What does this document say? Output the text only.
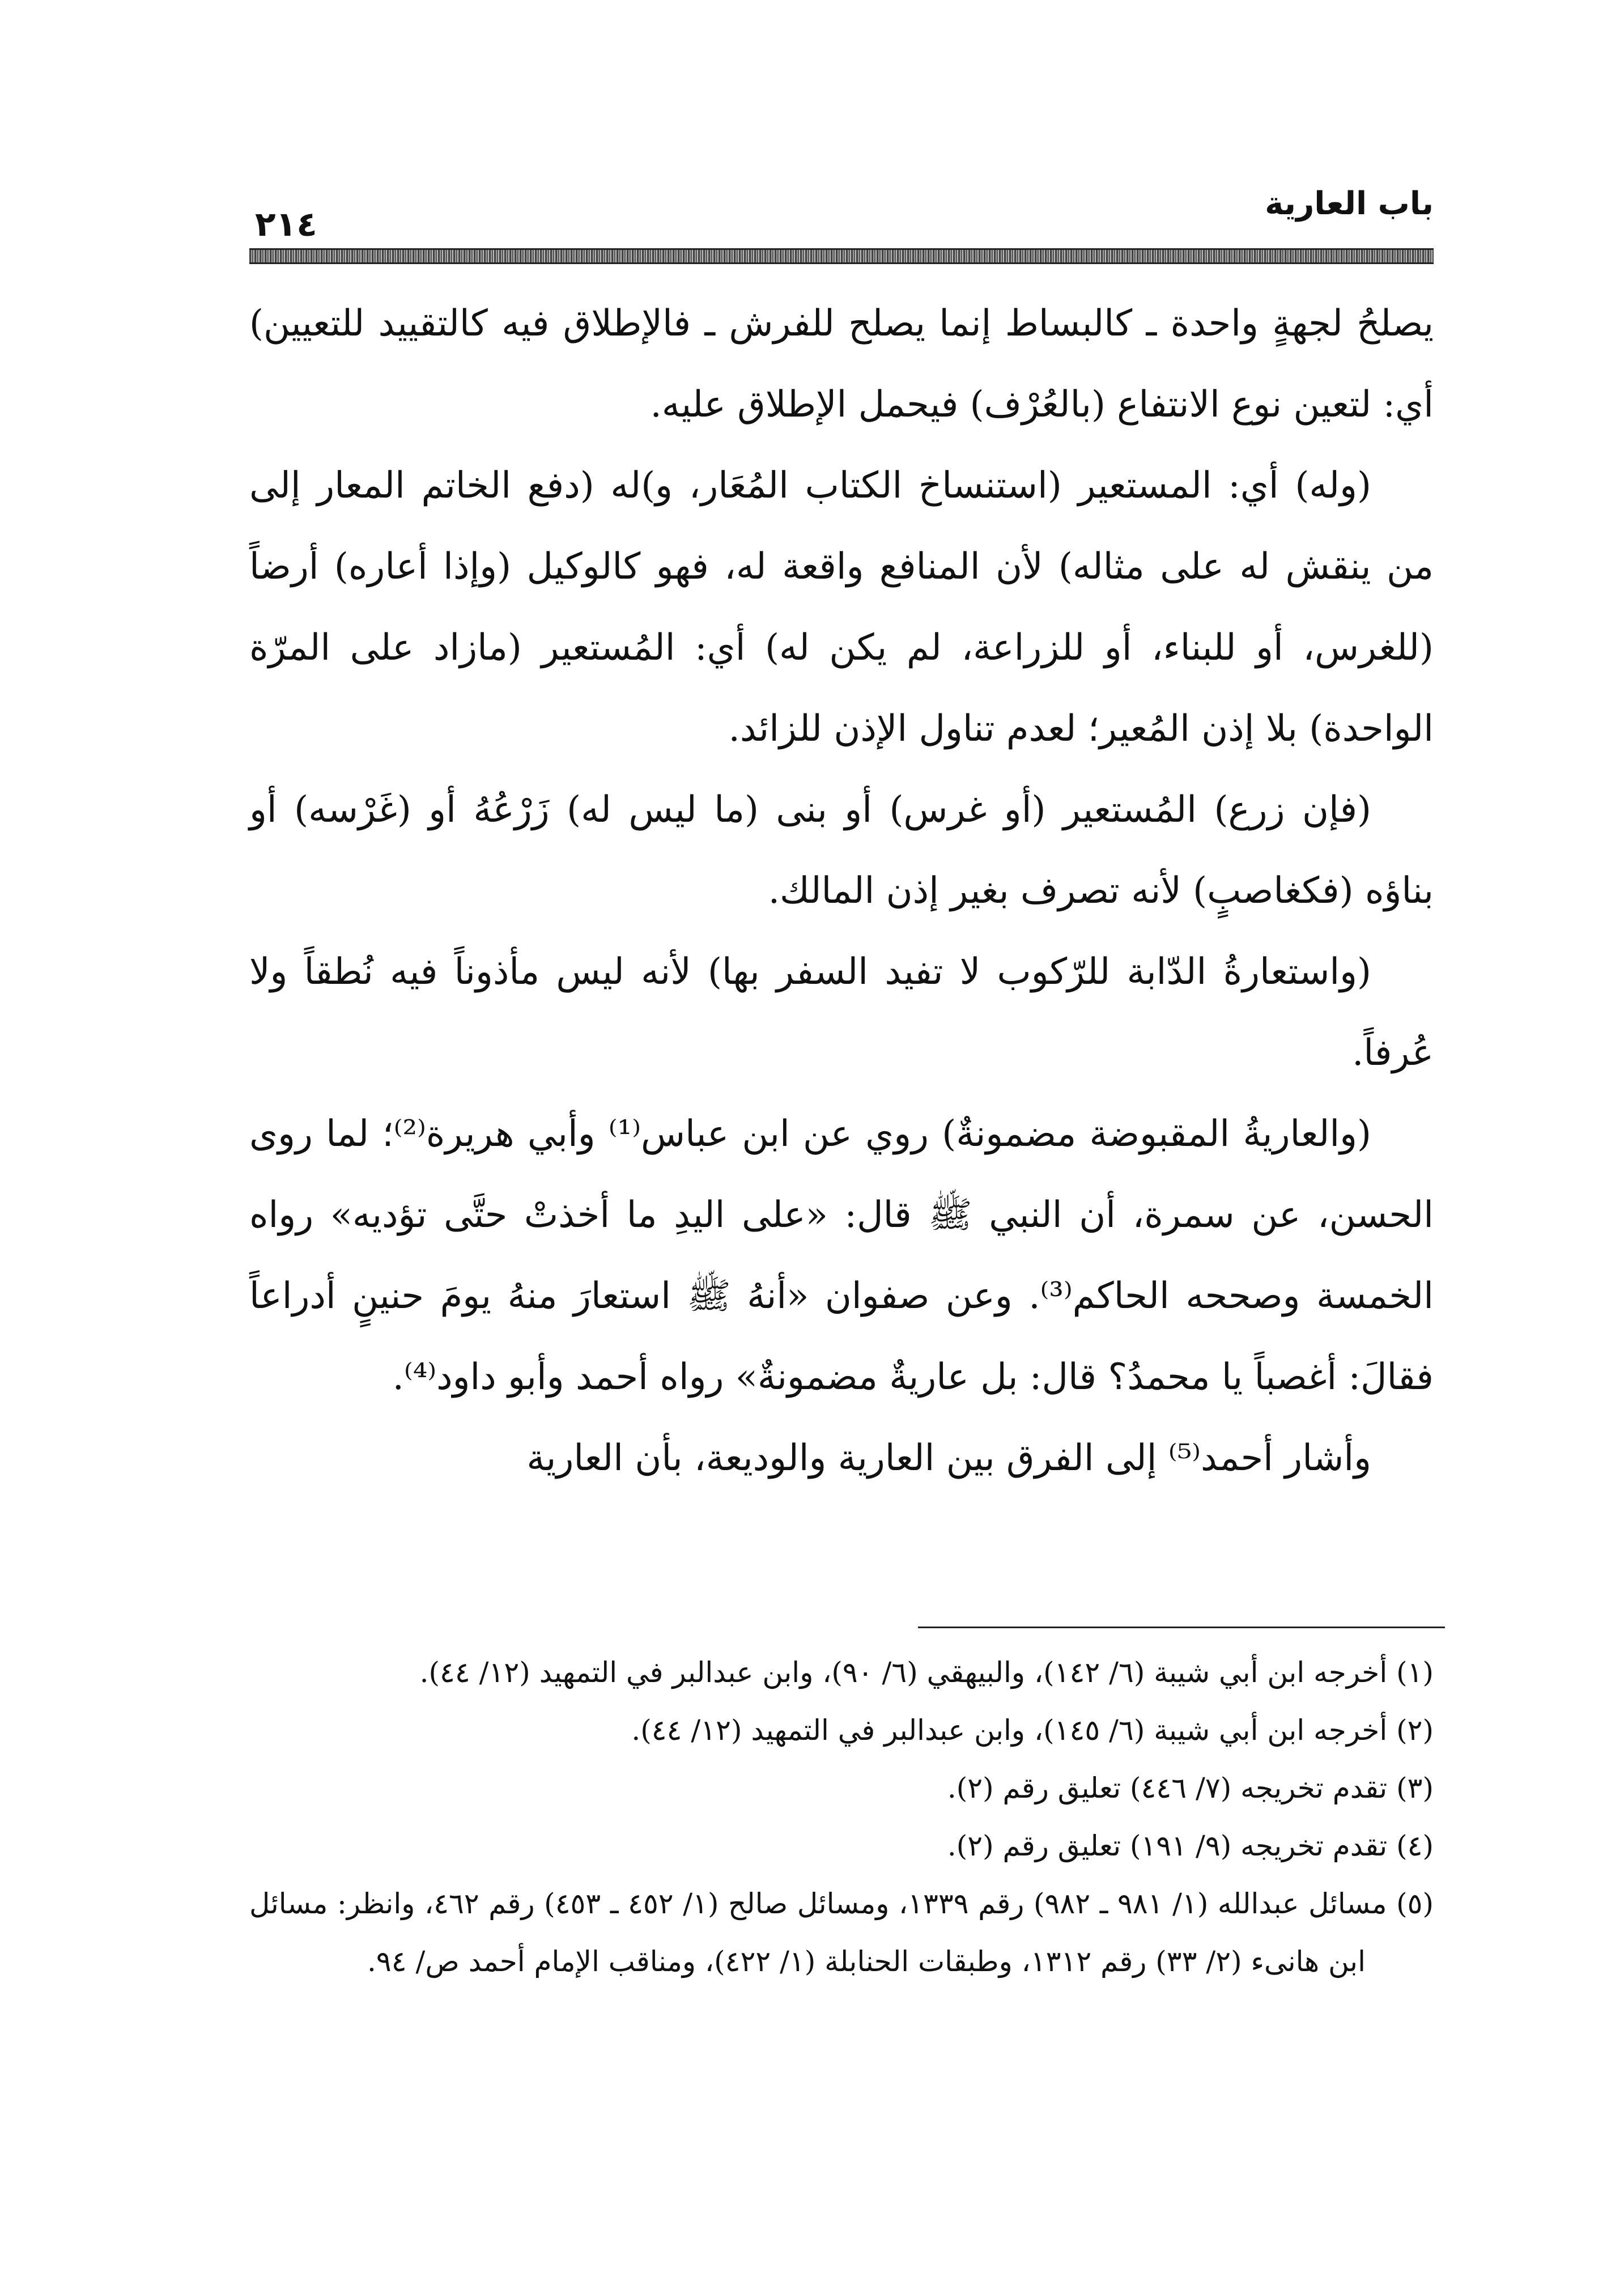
باب العارية
٢١٤

يصلحُ لجهةٍ واحدة ـ كالبساط إنما يصلح للفرش ـ فالإطلاق فيه كالتقييد للتعيين) أي: لتعين نوع الانتفاع (بالعُرْف) فيحمل الإطلاق عليه.

(وله) أي: المستعير (استنساخ الكتاب المُعَار، و)له (دفع الخاتم المعار إلى من ينقش له على مثاله) لأن المنافع واقعة له، فهو كالوكيل (وإذا أعاره) أرضاً (للغرس، أو للبناء، أو للزراعة، لم يكن له) أي: المُستعير (مازاد على المرّة الواحدة) بلا إذن المُعير؛ لعدم تناول الإذن للزائد.

(فإن زرع) المُستعير (أو غرس) أو بنى (ما ليس له) زَرْعُهُ أو (غَرْسه) أو بناؤه (فكغاصبٍ) لأنه تصرف بغير إذن المالك.

(واستعارةُ الدّابة للرّكوب لا تفيد السفر بها) لأنه ليس مأذوناً فيه نُطقاً ولا عُرفاً.

(والعاريةُ المقبوضة مضمونةٌ) روي عن ابن عباس⁽¹⁾ وأبي هريرة⁽²⁾؛ لما روى الحسن، عن سمرة، أن النبي ﷺ قال: «على اليدِ ما أخذتْ حتَّى تؤديه» رواه الخمسة وصححه الحاكم⁽³⁾. وعن صفوان «أنهُ ﷺ استعارَ منهُ يومَ حنينٍ أدراعاً فقالَ: أغصباً يا محمدُ؟ قال: بل عاريةٌ مضمونةٌ» رواه أحمد وأبو داود⁽⁴⁾.

وأشار أحمد⁽⁵⁾ إلى الفرق بين العارية والوديعة، بأن العارية

(١) أخرجه ابن أبي شيبة (٦/ ١٤٢)، والبيهقي (٦/ ٩٠)، وابن عبدالبر في التمهيد (١٢/ ٤٤).

(٢) أخرجه ابن أبي شيبة (٦/ ١٤٥)، وابن عبدالبر في التمهيد (١٢/ ٤٤).

(٣) تقدم تخريجه (٧/ ٤٤٦) تعليق رقم (٢).

(٤) تقدم تخريجه (٩/ ١٩١) تعليق رقم (٢).

(٥) مسائل عبدالله (١/ ٩٨١ ـ ٩٨٢) رقم ١٣٣٩، ومسائل صالح (١/ ٤٥٢ ـ ٤٥٣) رقم ٤٦٢، وانظر: مسائل ابن هانىء (٢/ ٣٣) رقم ١٣١٢، وطبقات الحنابلة (١/ ٤٢٢)، ومناقب الإمام أحمد ص/ ٩٤.
